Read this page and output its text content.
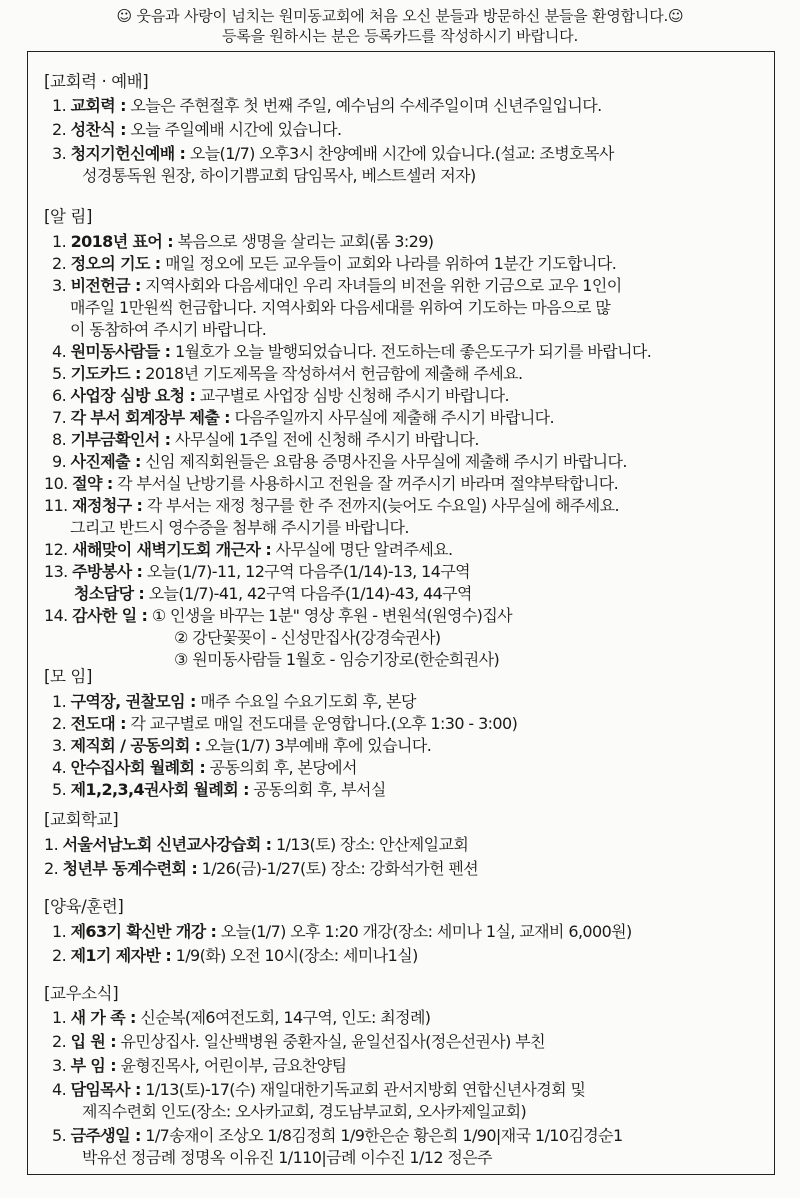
☺ 웃음과 사랑이 넘치는 원미동교회에 처음 오신 분들과 방문하신 분들을 환영합니다.☺
등록을 원하시는 분은 등록카드를 작성하시기 바랍니다.
[교회력 · 예배]
1. 교회력 : 오늘은 주현절후 첫 번째 주일, 예수님의 수세주일이며 신년주일입니다.
2. 성찬식 : 오늘 주일예배 시간에 있습니다.
3. 청지기헌신예배 : 오늘(1/7) 오후3시 찬양예배 시간에 있습니다.(설교: 조병호목사
성경통독원 원장, 하이기쁨교회 담임목사, 베스트셀러 저자)
[알 림]
1. 2018년 표어 : 복음으로 생명을 살리는 교회(롬 3:29)
2. 정오의 기도 : 매일 정오에 모든 교우들이 교회와 나라를 위하여 1분간 기도합니다.
3. 비전헌금 : 지역사회와 다음세대인 우리 자녀들의 비전을 위한 기금으로 교우 1인이
매주일 1만원씩 헌금합니다. 지역사회와 다음세대를 위하여 기도하는 마음으로 많
이 동참하여 주시기 바랍니다.
4. 원미동사람들 : 1월호가 오늘 발행되었습니다. 전도하는데 좋은도구가 되기를 바랍니다.
5. 기도카드 : 2018년 기도제목을 작성하셔서 헌금함에 제출해 주세요.
6. 사업장 심방 요청 : 교구별로 사업장 심방 신청해 주시기 바랍니다.
7. 각 부서 회계장부 제출 : 다음주일까지 사무실에 제출해 주시기 바랍니다.
8. 기부금확인서 : 사무실에 1주일 전에 신청해 주시기 바랍니다.
9. 사진제출 : 신임 제직회원들은 요람용 증명사진을 사무실에 제출해 주시기 바랍니다.
10. 절약 : 각 부서실 난방기를 사용하시고 전원을 잘 꺼주시기 바라며 절약부탁합니다.
11. 재정청구 : 각 부서는 재정 청구를 한 주 전까지(늦어도 수요일) 사무실에 해주세요.
그리고 반드시 영수증을 첨부해 주시기를 바랍니다.
12. 새해맞이 새벽기도회 개근자 : 사무실에 명단 알려주세요.
13. 주방봉사 : 오늘(1/7)-11, 12구역 다음주(1/14)-13, 14구역
청소담당 : 오늘(1/7)-41, 42구역 다음주(1/14)-43, 44구역
14. 감사한 일 : ① 인생을 바꾸는 1분" 영상 후원 - 변원석(원영수)집사
② 강단꽃꽂이 - 신성만집사(강경숙권사)
③ 원미동사람들 1월호 - 임승기장로(한순희권사)
[모 임]
1. 구역장, 권찰모임 : 매주 수요일 수요기도회 후, 본당
2. 전도대 : 각 교구별로 매일 전도대를 운영합니다.(오후 1:30 - 3:00)
3. 제직회 / 공동의회 : 오늘(1/7) 3부예배 후에 있습니다.
4. 안수집사회 월례회 : 공동의회 후, 본당에서
5. 제1,2,3,4권사회 월례회 : 공동의회 후, 부서실
[교회학교]
1. 서울서남노회 신년교사강습회 : 1/13(토) 장소: 안산제일교회
2. 청년부 동계수련회 : 1/26(금)-1/27(토) 장소: 강화석가헌 펜션
[양육/훈련]
1. 제63기 확신반 개강 : 오늘(1/7) 오후 1:20 개강(장소: 세미나 1실, 교재비 6,000원)
2. 제1기 제자반 : 1/9(화) 오전 10시(장소: 세미나1실)
[교우소식]
1. 새 가 족 : 신순복(제6여전도회, 14구역, 인도: 최정례)
2. 입 원 : 유민상집사. 일산백병원 중환자실, 윤일선집사(정은선권사) 부친
3. 부 임 : 윤형진목사, 어린이부, 금요찬양팀
4. 담임목사 : 1/13(토)-17(수) 재일대한기독교회 관서지방회 연합신년사경회 및
제직수련회 인도(장소: 오사카교회, 경도남부교회, 오사카제일교회)
5. 금주생일 : 1/7송재이 조상오 1/8김정희 1/9한은순 황은희 1/90|재국 1/10김경순1
박유선 정금례 정명옥 이유진 1/110|금례 이수진 1/12 정은주
